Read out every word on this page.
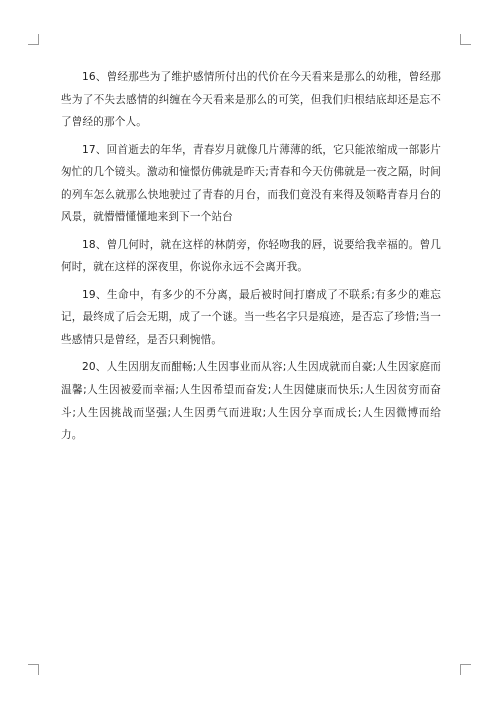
16、曾经那些为了维护感情所付出的代价在今天看来是那么的幼稚，曾经那些为了不失去感情的纠缠在今天看来是那么的可笑，但我们归根结底却还是忘不了曾经的那个人。

17、回首逝去的年华，青春岁月就像几片薄薄的纸，它只能浓缩成一部影片匆忙的几个镜头。激动和憧憬仿佛就是昨天;青春和今天仿佛就是一夜之隔，时间的列车怎么就那么快地驶过了青春的月台，而我们竟没有来得及领略青春月台的风景，就懵懵懂懂地来到下一个站台

18、曾几何时，就在这样的林荫旁，你轻吻我的唇，说要给我幸福的。曾几何时，就在这样的深夜里，你说你永远不会离开我。

19、生命中，有多少的不分离，最后被时间打磨成了不联系;有多少的难忘记，最终成了后会无期，成了一个谜。当一些名字只是痕迹，是否忘了珍惜;当一些感情只是曾经，是否只剩惋惜。

20、人生因朋友而酣畅;人生因事业而从容;人生因成就而自豪;人生因家庭而温馨;人生因被爱而幸福;人生因希望而奋发;人生因健康而快乐;人生因贫穷而奋斗;人生因挑战而坚强;人生因勇气而进取;人生因分享而成长;人生因微博而给力。
